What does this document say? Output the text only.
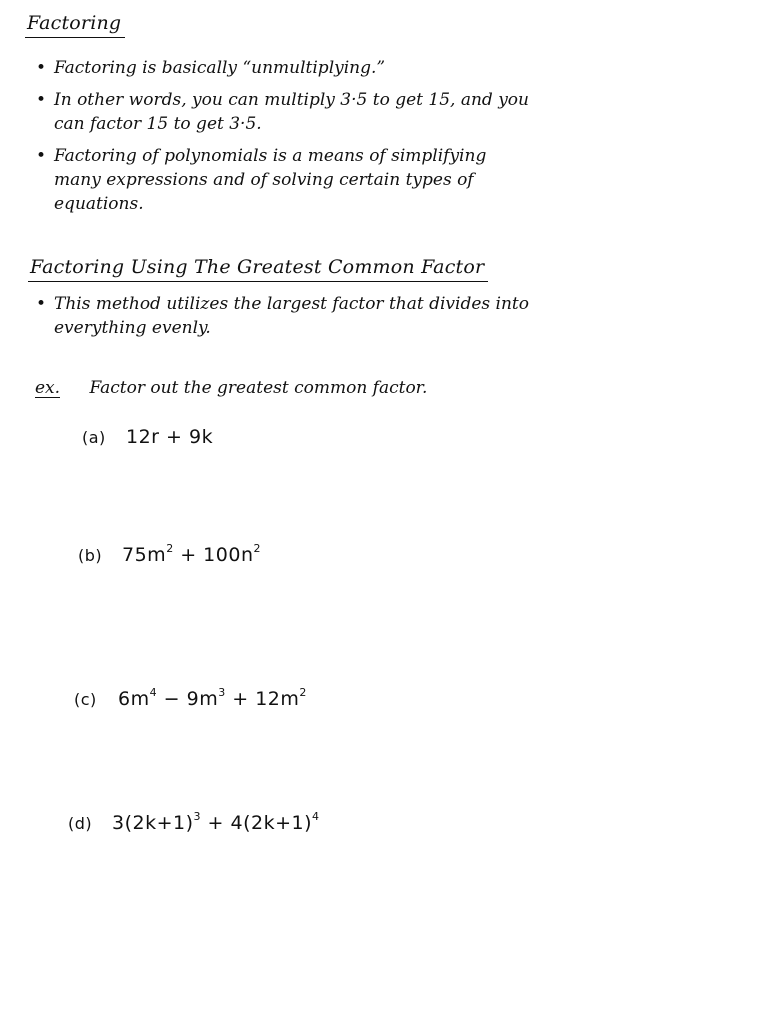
Factoring
• Factoring is basically “unmultiplying.”
• In other words, you can multiply 3·5 to get 15, and you can factor 15 to get 3·5.
• Factoring of polynomials is a means of simplifying many expressions and of solving certain types of equations.
Factoring Using The Greatest Common Factor
• This method utilizes the largest factor that divides into everything evenly.
ex. Factor out the greatest common factor.
(a) 12r + 9k
(b) $75m^2 + 100n^2$
(c) $6m^4 - 9m^3 + 12m^2$
(d) $3(2k+1)^3 + 4(2k+1)^4$
